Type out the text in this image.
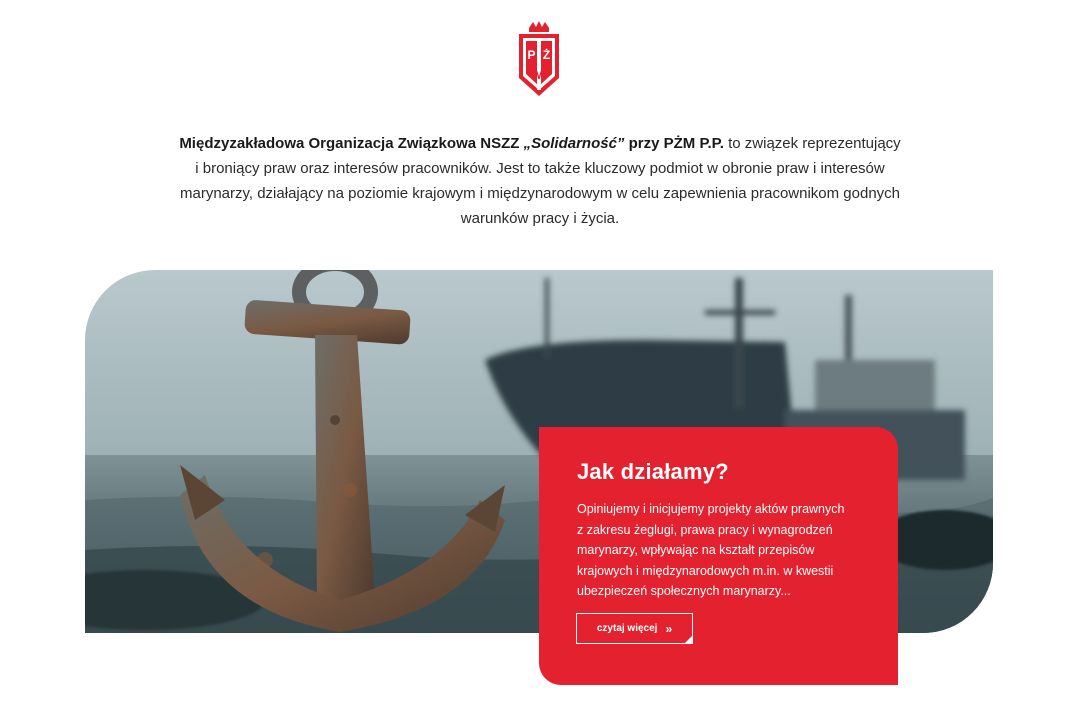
P Ż
M

Międzyzakładowa Organizacja Związkowa NSZZ „Solidarność” przy PŻM P.P. to związek reprezentujący
i broniący praw oraz interesów pracowników. Jest to także kluczowy podmiot w obronie praw i interesów
marynarzy, działający na poziomie krajowym i międzynarodowym w celu zapewnienia pracownikom godnych
warunków pracy i życia.

Jak działamy?

Opiniujemy i inicjujemy projekty aktów prawnych
z zakresu żeglugi, prawa pracy i wynagrodzeń
marynarzy, wpływając na kształt przepisów
krajowych i międzynarodowych m.in. w kwestii
ubezpieczeń społecznych marynarzy...

czytaj więcej »
